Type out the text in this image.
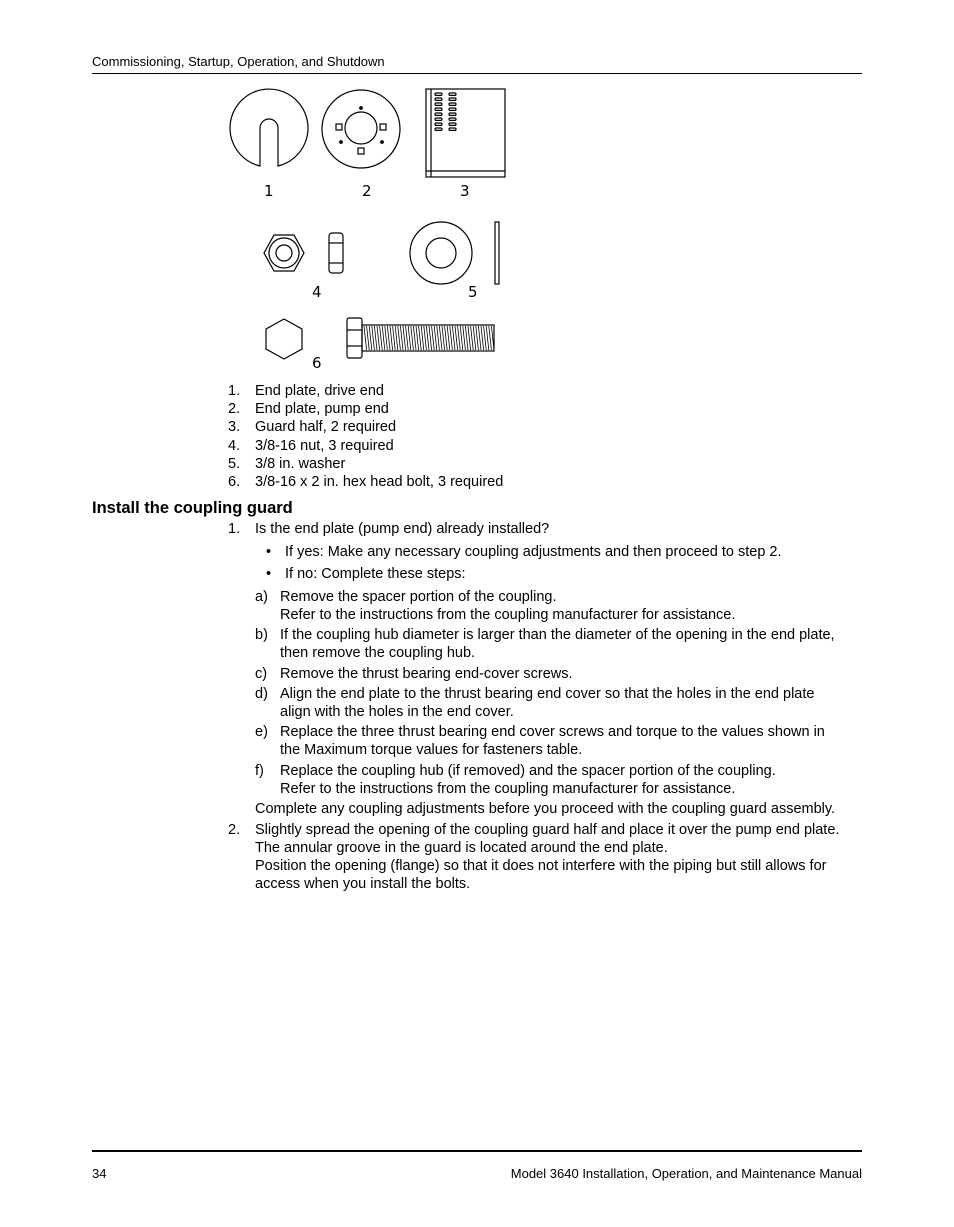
Commissioning, Startup, Operation, and Shutdown
1	2	3
4	5
6
1. End plate, drive end
2. End plate, pump end
3. Guard half, 2 required
4. 3/8-16 nut, 3 required
5. 3/8 in. washer
6. 3/8-16 x 2 in. hex head bolt, 3 required
Install the coupling guard
1. Is the end plate (pump end) already installed?
• If yes: Make any necessary coupling adjustments and then proceed to step 2.
• If no: Complete these steps:
a) Remove the spacer portion of the coupling.
Refer to the instructions from the coupling manufacturer for assistance.
b) If the coupling hub diameter is larger than the diameter of the opening in the end plate,
then remove the coupling hub.
c) Remove the thrust bearing end-cover screws.
d) Align the end plate to the thrust bearing end cover so that the holes in the end plate
align with the holes in the end cover.
e) Replace the three thrust bearing end cover screws and torque to the values shown in
the Maximum torque values for fasteners table.
f) Replace the coupling hub (if removed) and the spacer portion of the coupling.
Refer to the instructions from the coupling manufacturer for assistance.
Complete any coupling adjustments before you proceed with the coupling guard assembly.
2. Slightly spread the opening of the coupling guard half and place it over the pump end plate.
The annular groove in the guard is located around the end plate.
Position the opening (flange) so that it does not interfere with the piping but still allows for
access when you install the bolts.
34	Model 3640 Installation, Operation, and Maintenance Manual
